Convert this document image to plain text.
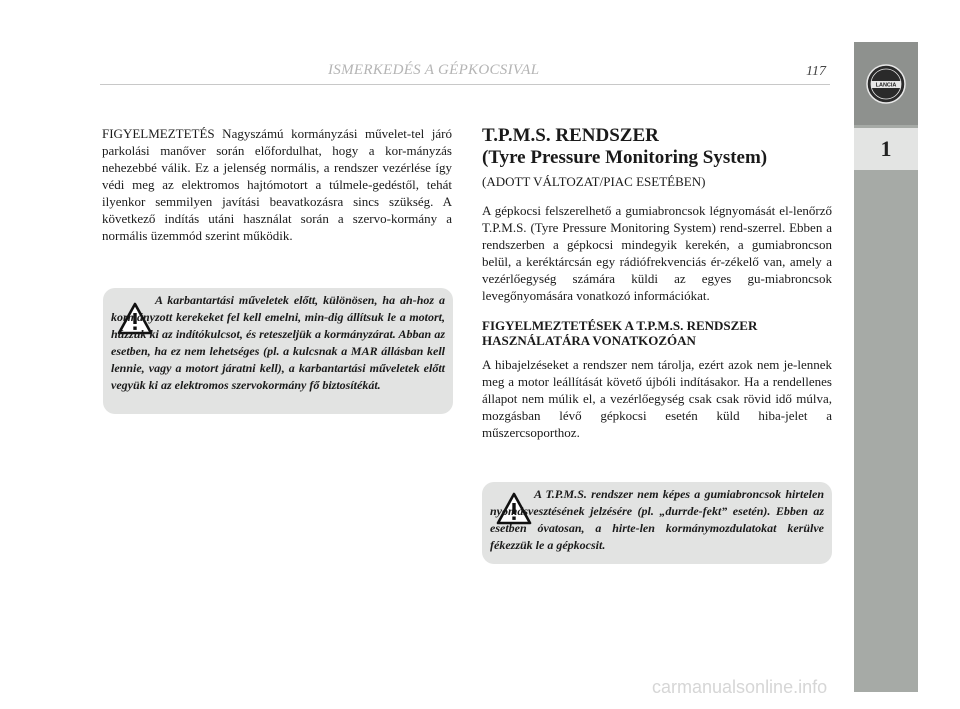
ISMERKEDÉS A GÉPKOCSIVAL	117
LANCIA
1

FIGYELMEZTETÉS Nagyszámú kormányzási művelet-tel járó parkolási manőver során előfordulhat, hogy a kor-mányzás nehezebbé válik. Ez a jelenség normális, a rendszer vezérlése így védi meg az elektromos hajtómotort a túlmele-gedéstől, tehát ilyenkor semmilyen javítási beavatkozásra sincs szükség. A következő indítás utáni használat során a szervo-kormány a normális üzemmód szerint működik.

A karbantartási műveletek előtt, különösen, ha ah-hoz a kormányzott kerekeket fel kell emelni, min-dig állítsuk le a motort, húzzuk ki az indítókulcsot, és reteszeljük a kormányzárat. Abban az esetben, ha ez nem lehetséges (pl. a kulcsnak a MAR állásban kell lennie, vagy a motort járatni kell), a karbantartási műveletek előtt vegyük ki az elektromos szervokormány fő biztosítékát.

T.P.M.S. RENDSZER
(Tyre Pressure Monitoring System)

(ADOTT VÁLTOZAT/PIAC ESETÉBEN)

A gépkocsi felszerelhető a gumiabroncsok légnyomását el-lenőrző T.P.M.S. (Tyre Pressure Monitoring System) rend-szerrel. Ebben a rendszerben a gépkocsi mindegyik kerekén, a gumiabroncson belül, a keréktárcsán egy rádiófrekvenciás ér-zékelő van, amely a vezérlőegység számára küldi az egyes gu-miabroncsok levegőnyomására vonatkozó információkat.

FIGYELMEZTETÉSEK A T.P.M.S. RENDSZER
HASZNÁLATÁRA VONATKOZÓAN

A hibajelzéseket a rendszer nem tárolja, ezért azok nem je-lennek meg a motor leállítását követő újbóli indításakor. Ha a rendellenes állapot nem múlik el, a vezérlőegység csak csak rövid idő múlva, mozgásban lévő gépkocsi esetén küld hiba-jelet a műszercsoporthoz.

A T.P.M.S. rendszer nem képes a gumiabroncsok hirtelen nyomásvesztésének jelzésére (pl. „durrde-fekt” esetén). Ebben az esetben óvatosan, a hirte-len kormánymozdulatokat kerülve fékezzük le a gépkocsit.

carmanualsonline.info
